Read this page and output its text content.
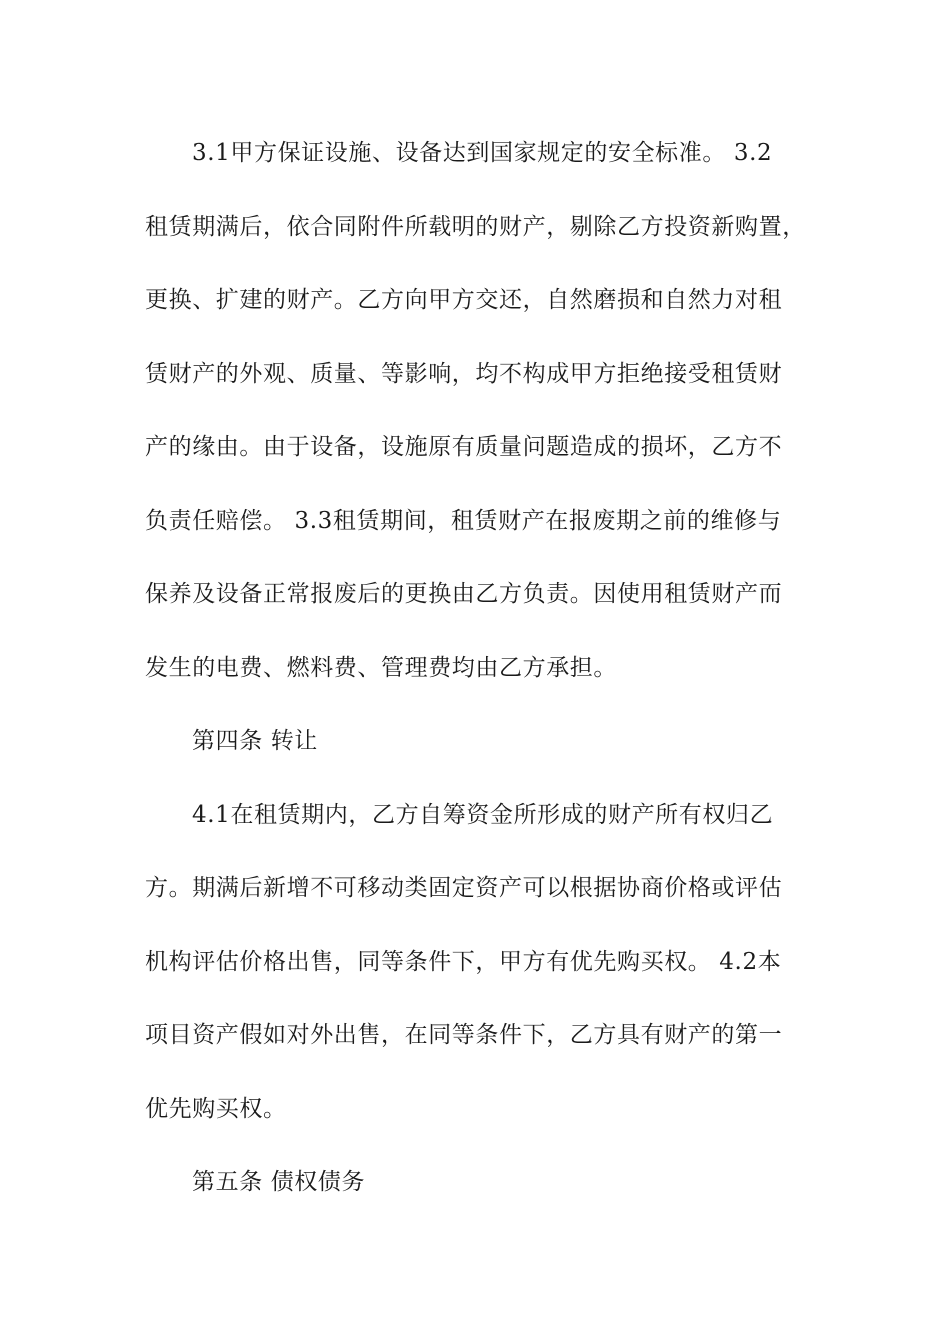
3.1甲方保证设施、设备达到国家规定的安全标准。 3.2
租赁期满后，依合同附件所载明的财产，剔除乙方投资新购置，
更换、扩建的财产。乙方向甲方交还，自然磨损和自然力对租
赁财产的外观、质量、等影响，均不构成甲方拒绝接受租赁财
产的缘由。由于设备，设施原有质量问题造成的损坏，乙方不
负责任赔偿。 3.3租赁期间，租赁财产在报废期之前的维修与
保养及设备正常报废后的更换由乙方负责。因使用租赁财产而
发生的电费、燃料费、管理费均由乙方承担。
第四条 转让
4.1在租赁期内，乙方自筹资金所形成的财产所有权归乙
方。期满后新增不可移动类固定资产可以根据协商价格或评估
机构评估价格出售，同等条件下，甲方有优先购买权。 4.2本
项目资产假如对外出售，在同等条件下，乙方具有财产的第一
优先购买权。
第五条 债权债务
